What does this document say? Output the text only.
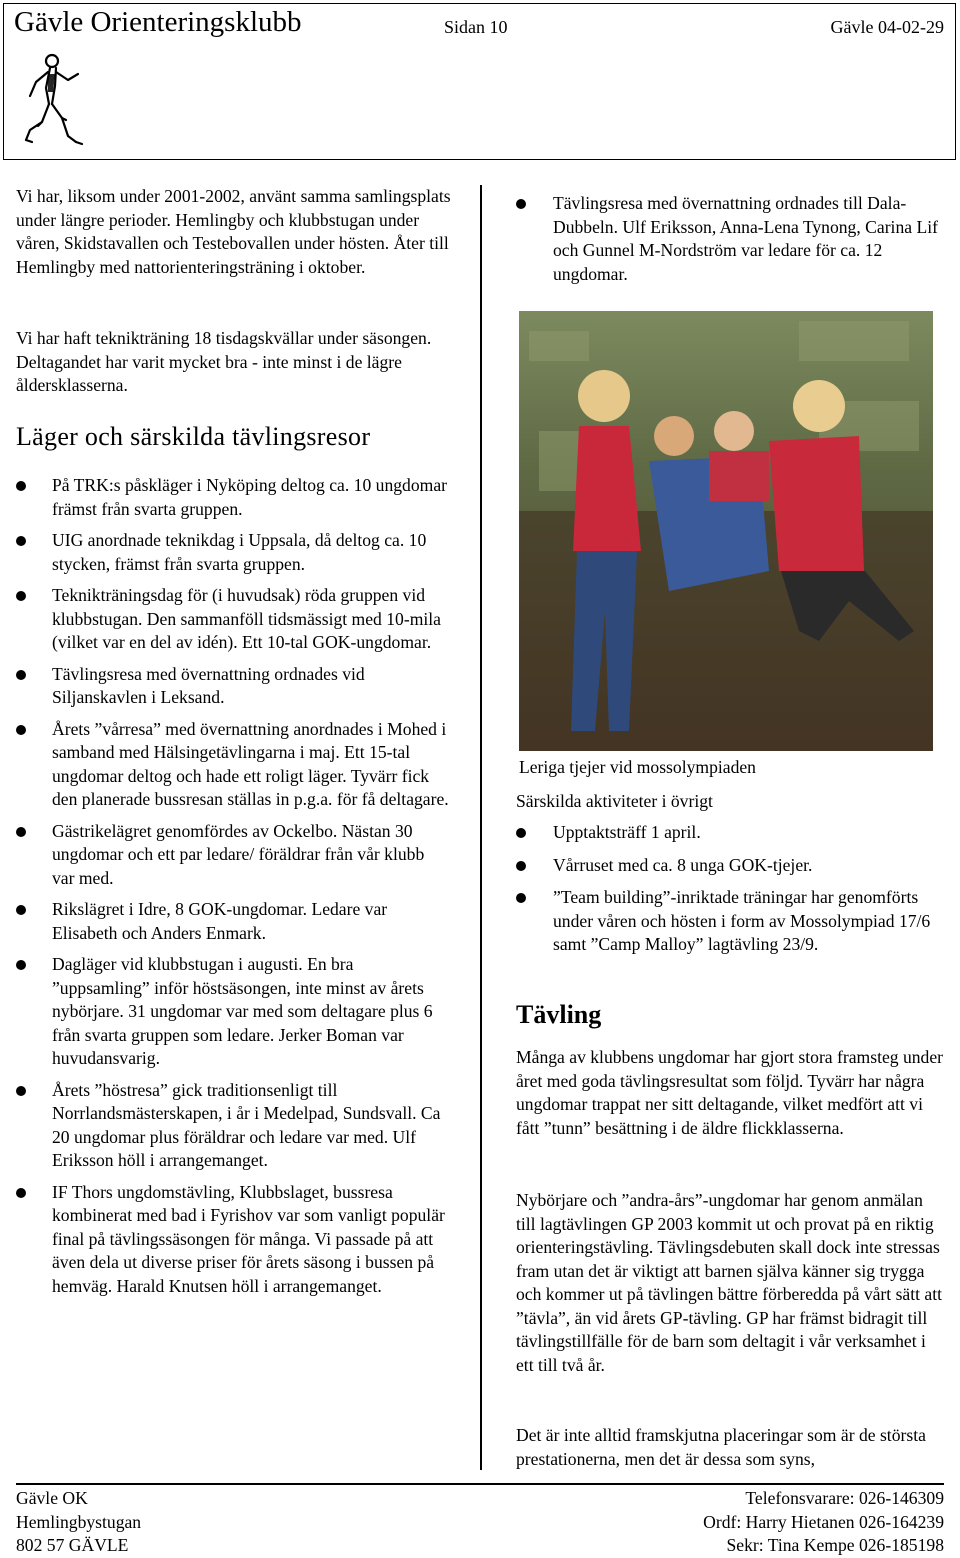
Gävle Orienteringsklubb	Sidan 10	Gävle 04-02-29
Vi har, liksom under 2001-2002, använt samma samlingsplats under längre perioder. Hemlingby och klubbstugan under våren, Skidstavallen och Testebovallen under hösten. Åter till Hemlingby med nattorienteringsträning i oktober.
Vi har haft teknikträning 18 tisdagskvällar under säsongen. Deltagandet har varit mycket bra - inte minst i de lägre åldersklasserna.
Läger och särskilda tävlingsresor
På TRK:s påskläger i Nyköping deltog ca. 10 ungdomar främst från svarta gruppen.
UIG anordnade teknikdag i Uppsala, då deltog ca. 10 stycken, främst från svarta gruppen.
Teknikträningsdag för (i huvudsak) röda gruppen vid klubbstugan. Den sammanföll tidsmässigt med 10-mila (vilket var en del av idén). Ett 10-tal GOK-ungdomar.
Tävlingsresa med övernattning ordnades vid Siljanskavlen i Leksand.
Årets ”vårresa” med övernattning anordnades i Mohed i samband med Hälsingetävlingarna i maj. Ett 15-tal ungdomar deltog och hade ett roligt läger. Tyvärr fick den planerade bussresan ställas in p.g.a. för få deltagare.
Gästrikelägret genomfördes av Ockelbo. Nästan 30 ungdomar och ett par ledare/ föräldrar från vår klubb var med.
Rikslägret i Idre, 8 GOK-ungdomar. Ledare var Elisabeth och Anders Enmark.
Dagläger vid klubbstugan i augusti. En bra ”uppsamling” inför höstsäsongen, inte minst av årets nybörjare. 31 ungdomar var med som deltagare plus 6 från svarta gruppen som ledare. Jerker Boman var huvudansvarig.
Årets ”höstresa” gick traditionsenligt till Norrlandsmästerskapen, i år i Medelpad, Sundsvall. Ca 20 ungdomar plus föräldrar och ledare var med. Ulf Eriksson höll i arrangemanget.
IF Thors ungdomstävling, Klubbslaget, bussresa kombinerat med bad i Fyrishov var som vanligt populär final på tävlingssäsongen för många. Vi passade på att även dela ut diverse priser för årets säsong i bussen på hemväg. Harald Knutsen höll i arrangemanget.
Tävlingsresa med övernattning ordnades till Dala-Dubbeln. Ulf Eriksson, Anna-Lena Tynong, Carina Lif och Gunnel M-Nordström var ledare för ca. 12 ungdomar.
Leriga tjejer vid mossolympiaden
Särskilda aktiviteter i övrigt
Upptaktsträff 1 april.
Vårruset med ca. 8 unga GOK-tjejer.
”Team building”-inriktade träningar har genomförts under våren och hösten i form av Mossolympiad 17/6 samt ”Camp Malloy” lagtävling 23/9.
Tävling
Många av klubbens ungdomar har gjort stora framsteg under året med goda tävlingsresultat som följd. Tyvärr har några ungdomar trappat ner sitt deltagande, vilket medfört att vi fått ”tunn” besättning i de äldre flickklasserna.
Nybörjare och ”andra-års”-ungdomar har genom anmälan till lagtävlingen GP 2003 kommit ut och provat på en riktig orienteringstävling. Tävlingsdebuten skall dock inte stressas fram utan det är viktigt att barnen själva känner sig trygga och kommer ut på tävlingen bättre förberedda på vårt sätt att ”tävla”, än vid årets GP-tävling. GP har främst bidragit till tävlingstillfälle för de barn som deltagit i vår verksamhet i ett till två år.
Det är inte alltid framskjutna placeringar som är de största prestationerna, men det är dessa som syns,
Gävle OK
Hemlingbystugan
802 57 GÄVLE
Telefonsvarare: 026-146309
Ordf: Harry Hietanen 026-164239
Sekr: Tina Kempe 026-185198
